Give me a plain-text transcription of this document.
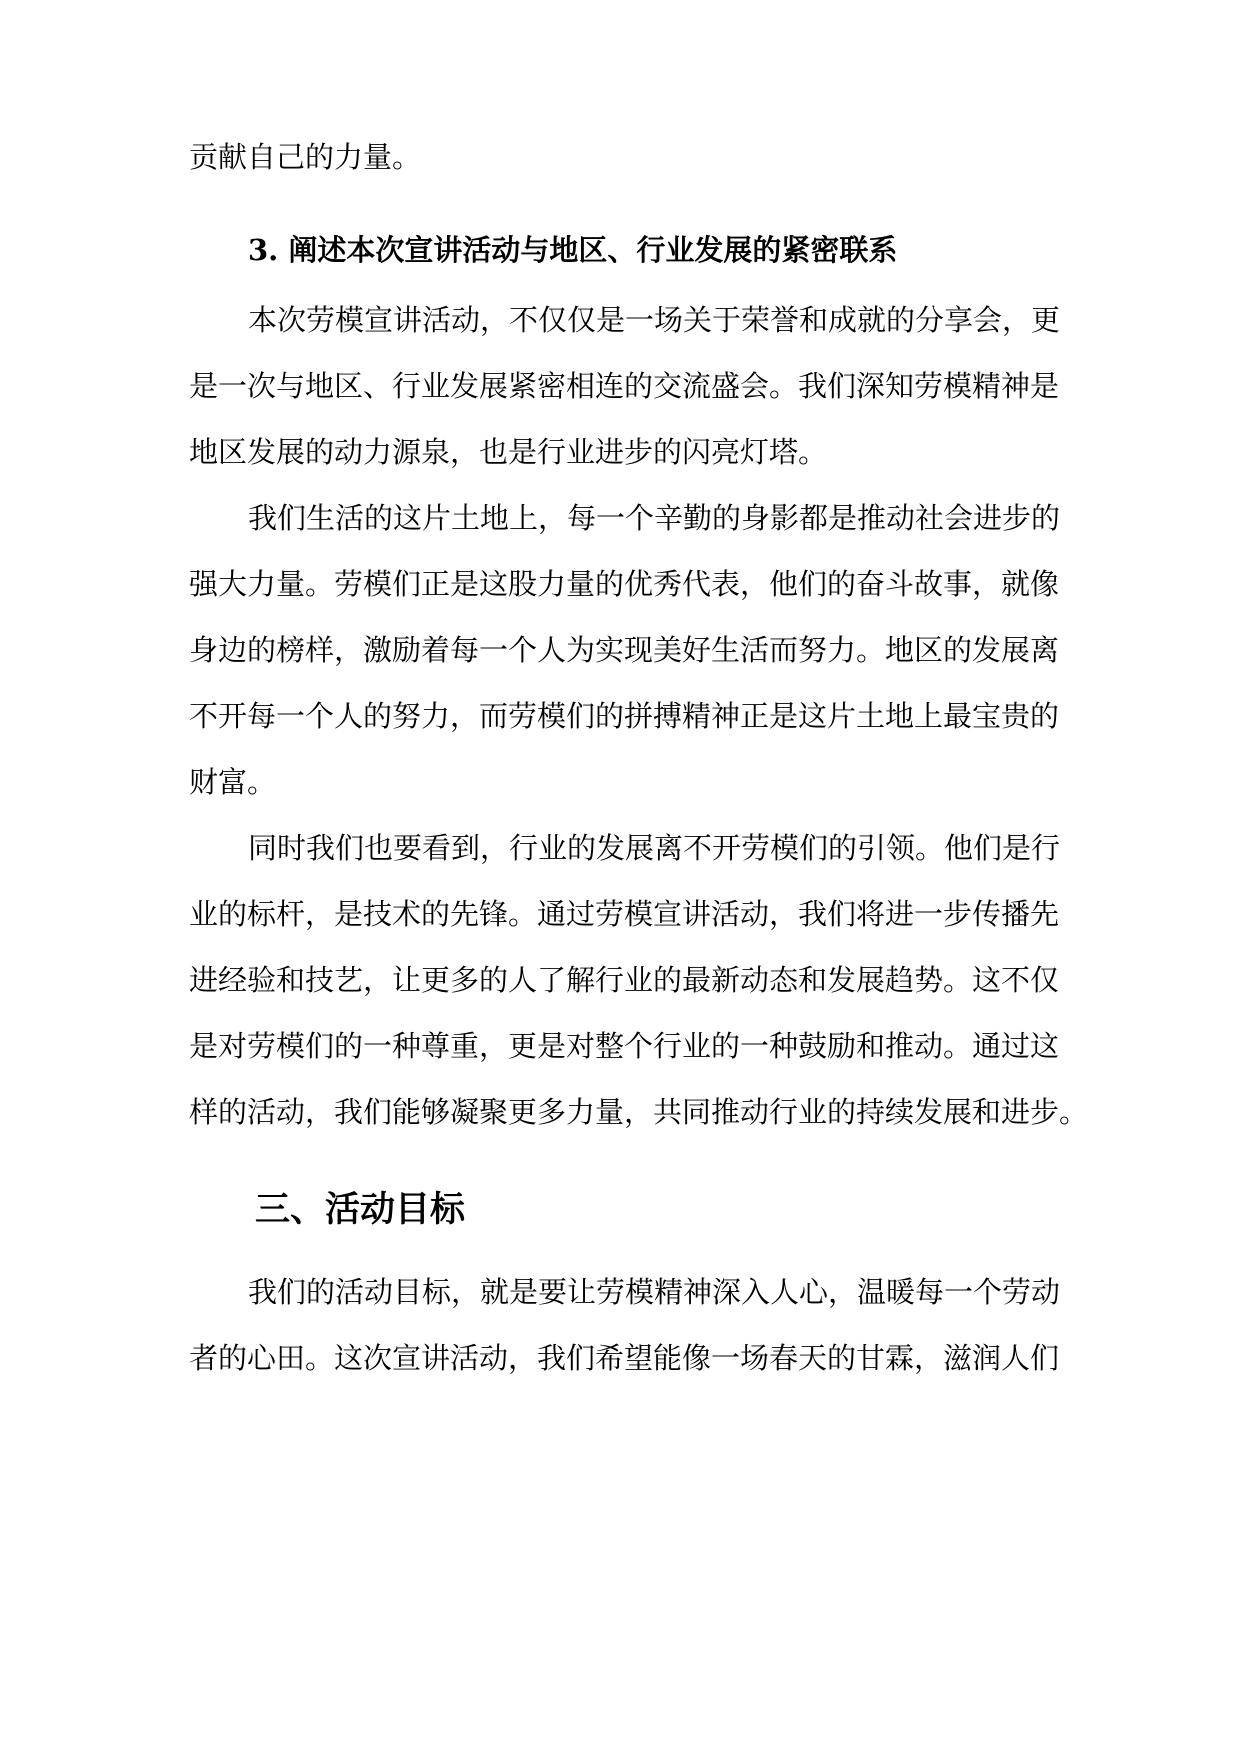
贡献自己的力量。

3. 阐述本次宣讲活动与地区、行业发展的紧密联系

本次劳模宣讲活动，不仅仅是一场关于荣誉和成就的分享会，更

是一次与地区、行业发展紧密相连的交流盛会。我们深知劳模精神是

地区发展的动力源泉，也是行业进步的闪亮灯塔。

我们生活的这片土地上，每一个辛勤的身影都是推动社会进步的

强大力量。劳模们正是这股力量的优秀代表，他们的奋斗故事，就像

身边的榜样，激励着每一个人为实现美好生活而努力。地区的发展离

不开每一个人的努力，而劳模们的拼搏精神正是这片土地上最宝贵的

财富。

同时我们也要看到，行业的发展离不开劳模们的引领。他们是行

业的标杆，是技术的先锋。通过劳模宣讲活动，我们将进一步传播先

进经验和技艺，让更多的人了解行业的最新动态和发展趋势。这不仅

是对劳模们的一种尊重，更是对整个行业的一种鼓励和推动。通过这

样的活动，我们能够凝聚更多力量，共同推动行业的持续发展和进步。

三、活动目标

我们的活动目标，就是要让劳模精神深入人心，温暖每一个劳动

者的心田。这次宣讲活动，我们希望能像一场春天的甘霖，滋润人们
